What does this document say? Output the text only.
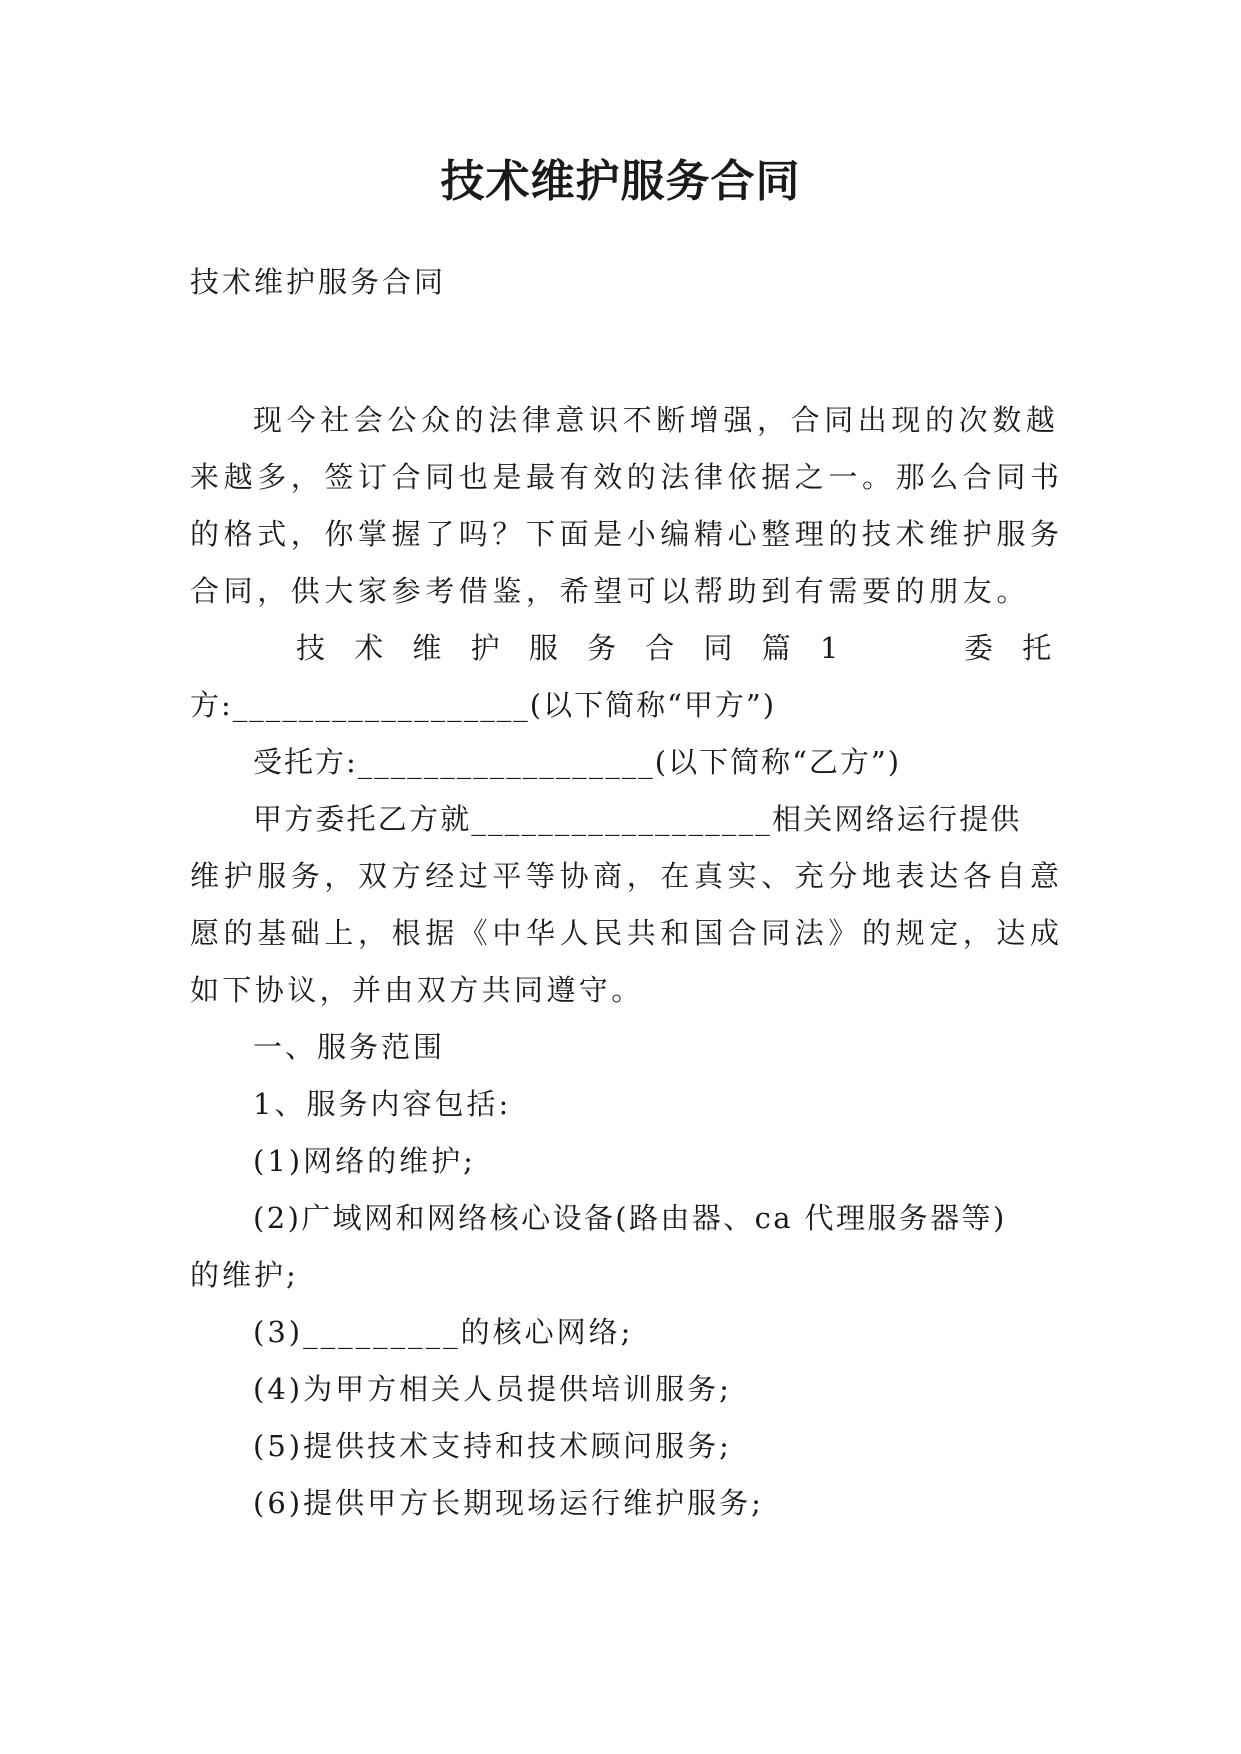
技术维护服务合同
技术维护服务合同
现今社会公众的法律意识不断增强，合同出现的次数越
来越多，签订合同也是最有效的法律依据之一。那么合同书
的格式，你掌握了吗？下面是小编精心整理的技术维护服务
合同，供大家参考借鉴，希望可以帮助到有需要的朋友。
技 术 维 护 服 务 合 同 篇 1	委 托
方:__________________(以下简称“甲方”)
受托方:__________________(以下简称“乙方”)
甲方委托乙方就__________________相关网络运行提供
维护服务，双方经过平等协商，在真实、充分地表达各自意
愿的基础上，根据《中华人民共和国合同法》的规定，达成
如下协议，并由双方共同遵守。
一、服务范围
1、服务内容包括:
(1)网络的维护;
(2)广域网和网络核心设备(路由器、ca 代理服务器等)
的维护;
(3)_________的核心网络;
(4)为甲方相关人员提供培训服务;
(5)提供技术支持和技术顾问服务;
(6)提供甲方长期现场运行维护服务;
